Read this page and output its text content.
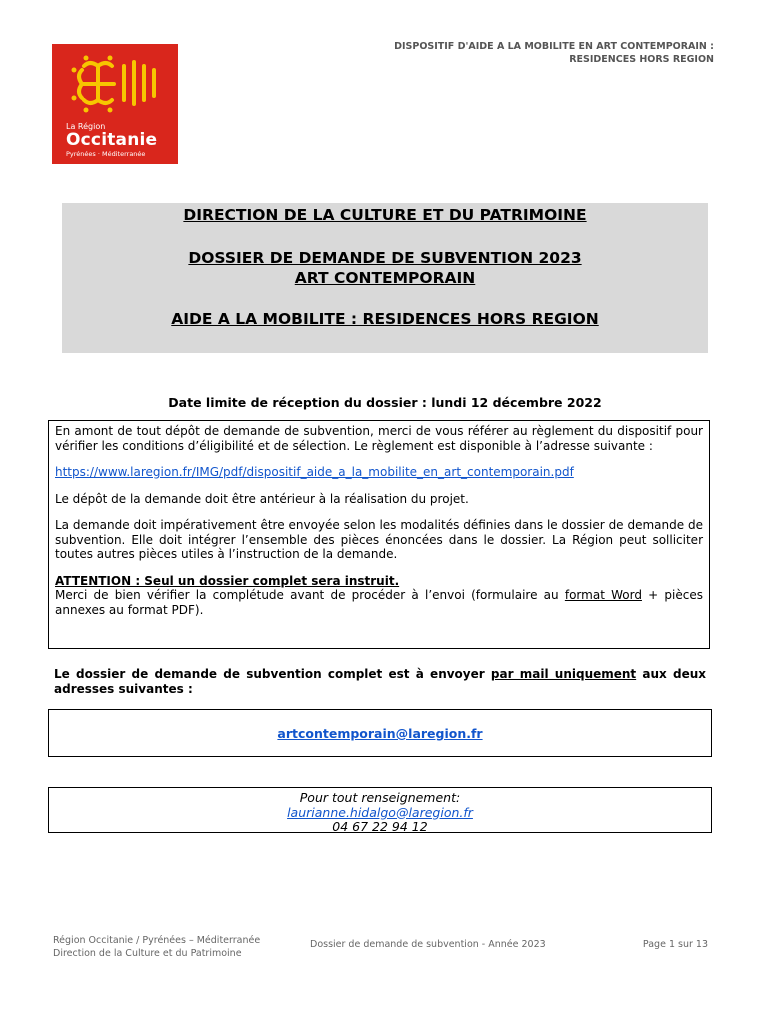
DISPOSITIF D'AIDE A LA MOBILITE EN ART CONTEMPORAIN :
RESIDENCES HORS REGION
La Région
Occitanie
Pyrénées · Méditerranée
DIRECTION DE LA CULTURE ET DU PATRIMOINE
DOSSIER DE DEMANDE DE SUBVENTION 2023
ART CONTEMPORAIN
AIDE A LA MOBILITE : RESIDENCES HORS REGION
Date limite de réception du dossier : lundi 12 décembre 2022

En amont de tout dépôt de demande de subvention, merci de vous référer au règlement du dispositif pour vérifier les conditions d’éligibilité et de sélection. Le règlement est disponible à l’adresse suivante :

https://www.laregion.fr/IMG/pdf/dispositif_aide_a_la_mobilite_en_art_contemporain.pdf

Le dépôt de la demande doit être antérieur à la réalisation du projet.

La demande doit impérativement être envoyée selon les modalités définies dans le dossier de demande de subvention. Elle doit intégrer l’ensemble des pièces énoncées dans le dossier. La Région peut solliciter toutes autres pièces utiles à l’instruction de la demande.

ATTENTION : Seul un dossier complet sera instruit.
Merci de bien vérifier la complétude avant de procéder à l’envoi (formulaire au format Word + pièces annexes au format PDF).

Le dossier de demande de subvention complet est à envoyer par mail uniquement aux deux adresses suivantes :
artcontemporain@laregion.fr
Pour tout renseignement:
laurianne.hidalgo@laregion.fr
04 67 22 94 12
Région Occitanie / Pyrénées – Méditerranée
Direction de la Culture et du Patrimoine
Dossier de demande de subvention - Année 2023	Page 1 sur 13
